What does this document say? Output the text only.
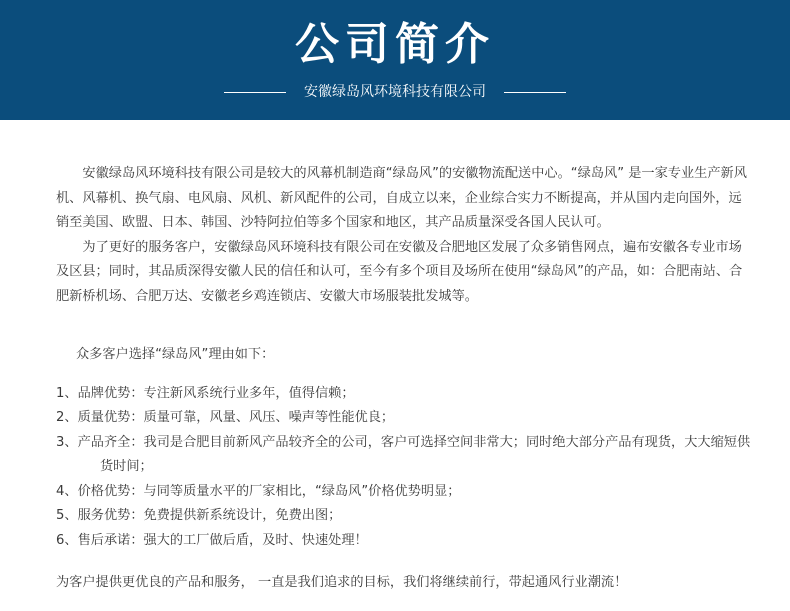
公司简介
安徽绿岛风环境科技有限公司

安徽绿岛风环境科技有限公司是较大的风幕机制造商“绿岛风”的安徽物流配送中心。“绿岛风” 是一家专业生产新风机、风幕机、换气扇、电风扇、风机、新风配件的公司，自成立以来，企业综合实力不断提高，并从国内走向国外，远销至美国、欧盟、日本、韩国、沙特阿拉伯等多个国家和地区，其产品质量深受各国人民认可。

为了更好的服务客户，安徽绿岛风环境科技有限公司在安徽及合肥地区发展了众多销售网点，遍布安徽各专业市场及区县；同时，其品质深得安徽人民的信任和认可，至今有多个项目及场所在使用“绿岛风”的产品，如：合肥南站、合肥新桥机场、合肥万达、安徽老乡鸡连锁店、安徽大市场服装批发城等。

众多客户选择“绿岛风”理由如下：
1、品牌优势：专注新风系统行业多年，值得信赖；
2、质量优势：质量可靠，风量、风压、噪声等性能优良；
3、产品齐全：我司是合肥目前新风产品较齐全的公司，客户可选择空间非常大；同时绝大部分产品有现货，大大缩短供货时间；
4、价格优势：与同等质量水平的厂家相比，“绿岛风”价格优势明显；
5、服务优势：免费提供新系统设计，免费出图；
6、售后承诺：强大的工厂做后盾，及时、快速处理！
为客户提供更优良的产品和服务， 一直是我们追求的目标，我们将继续前行，带起通风行业潮流！
